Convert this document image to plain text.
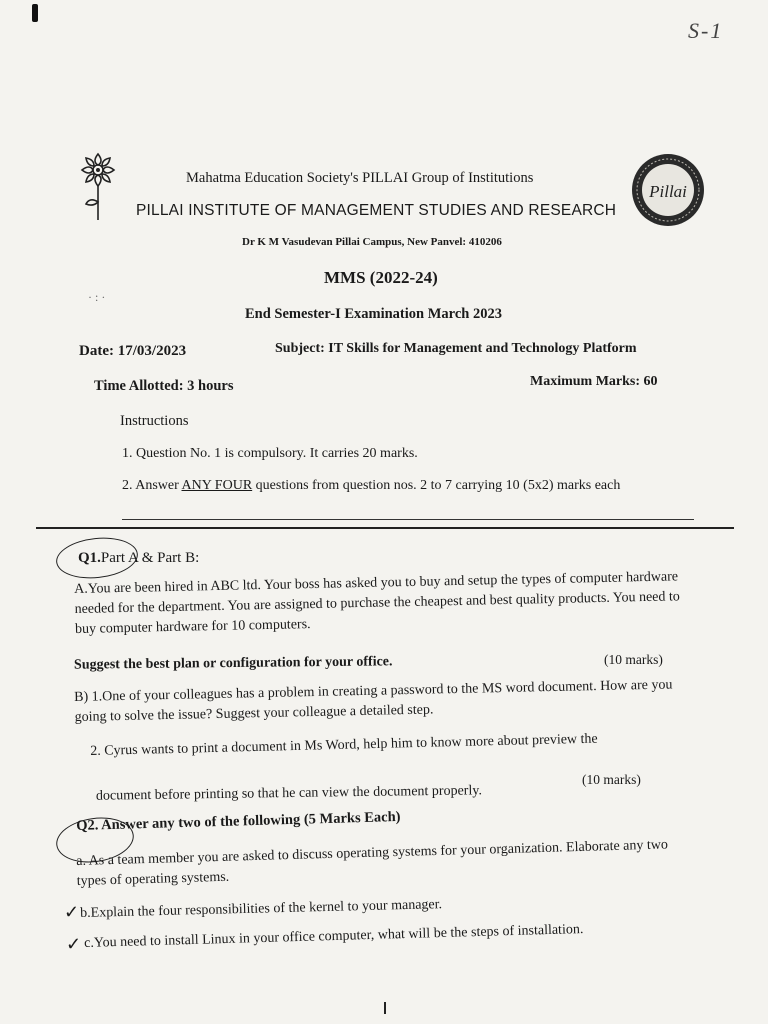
S-1
Pillai
Mahatma Education Society's PILLAI Group of Institutions
PILLAI INSTITUTE OF MANAGEMENT STUDIES AND RESEARCH
Dr K M Vasudevan Pillai Campus, New Panvel: 410206
MMS (2022-24)
· : ·
End Semester-I Examination March 2023
Date: 17/03/2023	Subject: IT Skills for Management and Technology Platform
Time Allotted: 3 hours	Maximum Marks: 60
Instructions
1. Question No. 1 is compulsory. It carries 20 marks.
2. Answer ANY FOUR questions from question nos. 2 to 7 carrying 10 (5x2) marks each
Q1.Part A & Part B:
A.You are been hired in ABC ltd. Your boss has asked you to buy and setup the types of computer hardware needed for the department. You are assigned to purchase the cheapest and best quality products. You need to buy computer hardware for 10 computers.
Suggest the best plan or configuration for your office.	(10 marks)
B) 1.One of your colleagues has a problem in creating a password to the MS word document. How are you going to solve the issue? Suggest your colleague a detailed step.
2. Cyrus wants to print a document in Ms Word, help him to know more about preview the
document before printing so that he can view the document properly.
(10 marks)
Q2. Answer any two of the following (5 Marks Each)
a. As a team member you are asked to discuss operating systems for your organization. Elaborate any two types of operating systems.
✓ b.Explain the four responsibilities of the kernel to your manager.
✓ c.You need to install Linux in your office computer, what will be the steps of installation.
